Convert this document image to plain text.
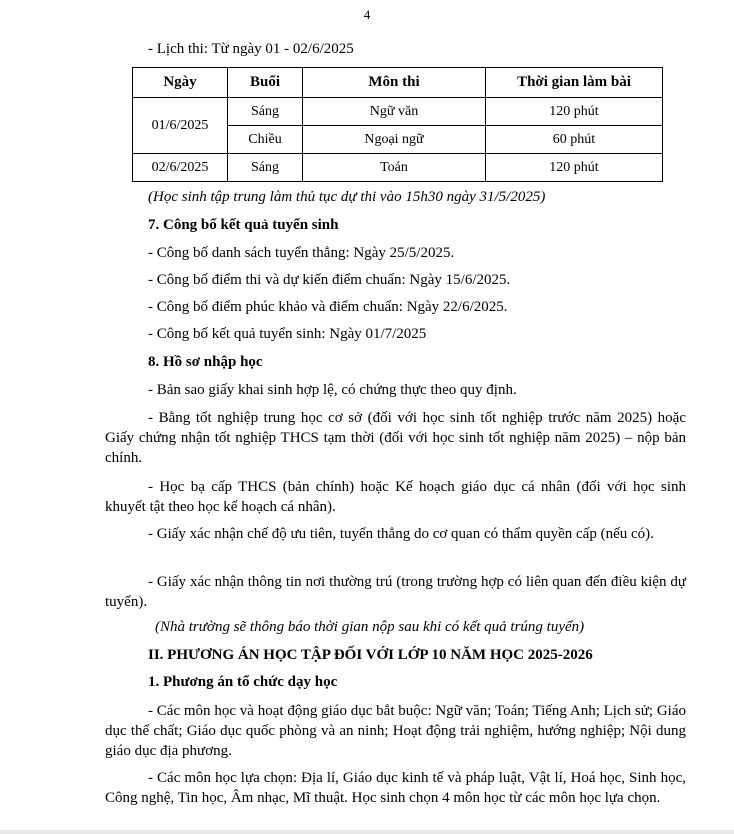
4
- Lịch thi: Từ ngày 01 - 02/6/2025
Ngày	Buổi	Môn thi	Thời gian làm bài
01/6/2025	Sáng	Ngữ văn	120 phút
	Chiều	Ngoại ngữ	60 phút
02/6/2025	Sáng	Toán	120 phút
(Học sinh tập trung làm thủ tục dự thi vào 15h30 ngày 31/5/2025)
7. Công bố kết quả tuyển sinh
- Công bố danh sách tuyển thẳng: Ngày 25/5/2025.
- Công bố điểm thi và dự kiến điểm chuẩn: Ngày 15/6/2025.
- Công bố điểm phúc khảo và điểm chuẩn: Ngày 22/6/2025.
- Công bố kết quả tuyển sinh: Ngày 01/7/2025
8. Hồ sơ nhập học
- Bản sao giấy khai sinh hợp lệ, có chứng thực theo quy định.
- Bằng tốt nghiệp trung học cơ sở (đối với học sinh tốt nghiệp trước năm 2025) hoặc Giấy chứng nhận tốt nghiệp THCS tạm thời (đối với học sinh tốt nghiệp năm 2025) – nộp bản chính.
- Học bạ cấp THCS (bản chính) hoặc Kế hoạch giáo dục cá nhân (đối với học sinh khuyết tật theo học kế hoạch cá nhân).
- Giấy xác nhận chế độ ưu tiên, tuyển thẳng do cơ quan có thẩm quyền cấp (nếu có).
- Giấy xác nhận thông tin nơi thường trú (trong trường hợp có liên quan đến điều kiện dự tuyển).
(Nhà trường sẽ thông báo thời gian nộp sau khi có kết quả trúng tuyển)
II. PHƯƠNG ÁN HỌC TẬP ĐỐI VỚI LỚP 10 NĂM HỌC 2025-2026
1. Phương án tổ chức dạy học
- Các môn học và hoạt động giáo dục bắt buộc: Ngữ văn; Toán; Tiếng Anh; Lịch sử; Giáo dục thể chất; Giáo dục quốc phòng và an ninh; Hoạt động trải nghiệm, hướng nghiệp; Nội dung giáo dục địa phương.
- Các môn học lựa chọn: Địa lí, Giáo dục kinh tế và pháp luật, Vật lí, Hoá học, Sinh học, Công nghệ, Tin học, Âm nhạc, Mĩ thuật. Học sinh chọn 4 môn học từ các môn học lựa chọn.
